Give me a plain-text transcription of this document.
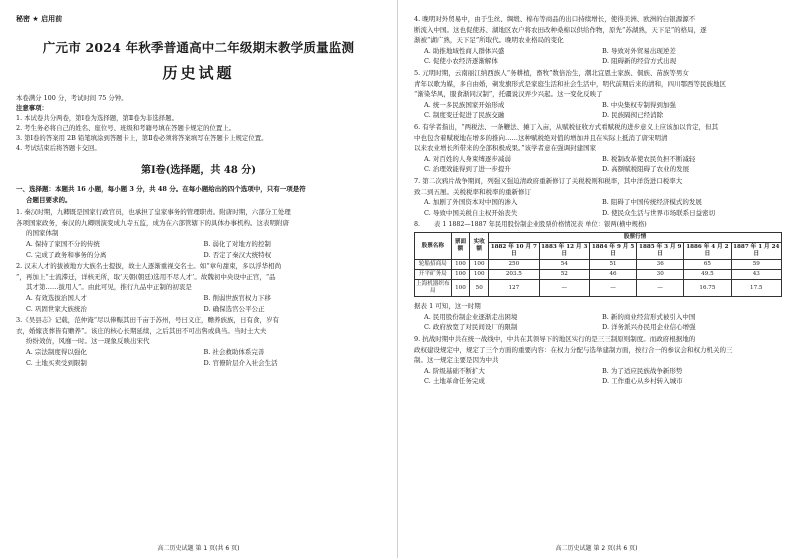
秘密 ★ 启用前
广元市 2024 年秋季普通高中二年级期末教学质量监测
历史试题
本卷满分 100 分，考试时间 75 分钟。
注意事项：
1. 本试卷共分两卷，第Ⅰ卷为选择题，第Ⅱ卷为非选择题。
2. 考生务必将自己的姓名、座位号、班级和考籍号填在答题卡规定的位置上。
3. 第Ⅰ卷的答案用 2B 铅笔填涂到答题卡上，第Ⅱ卷必须将答案填写在答题卡上规定位置。
4. 考试结束后将答题卡交回。
第Ⅰ卷(选择题，共 48 分)
一、选择题：本题共 16 小题，每小题 3 分，共 48 分。在每小题给出的四个选项中，只有一项是符
合题目要求的。
1. 秦汉时期，九卿既是国家行政官员，也承担了皇家事务的管理职责。附唐时期，六部分工处理
各项国家政务，秦汉的九卿则演变成九寺五监，成为在六部管辖下的具体办事机构。这表明附唐
的国家体制
A. 保持了家国不分的传统	B. 弱化了对地方的控制
C. 完成了政务和事务的分离	D. 否定了秦汉大统特权
2. 汉末人才的拔被地方大族名士提拔，故士人逐渐重视交名士。如“章句甜束，多以浮华相尚
”，再加上“士流滞迁，详核无所，取‘天朝(朝廷)选用不尽人才’。故魏初中央设中正官，“品
其才第……拔用人”。由此可见，推行九品中正制的初衷是
A. 有效选拔治国人才	B. 削弱世族官权力下移
C. 巩固世家大族统治	D. 确保选官公平公正
3.《吴县志》记载，范仲淹“尽以俸赈其田千亩于苏州，号曰义庄，赡养族族，日有食，岁有
衣，婚嫁丧葬皆有赡养”。该庄的核心长期延续，之后其田不可出售或典当。当时士大夫
纷纷效仿，风靡一时。这一现象反映出宋代
A. 宗法制度得以强化	B. 社会救助体系完善
C. 土地买卖受到限制	D. 官僚阶层介入社会生活
高二历史试题 第 1 页(共 6 页)
4. 晚明对外贸易中，由于生丝、绸缎、棉布等商品的出口持续增长，使得美洲、欧洲的白银源源不
断流入中国。这也促使苏、湖地区农户将农田改种桑棉以供给作物，原先“苏湖熟，天下足”的格局，逐
渐被“湖广熟，天下足”所取代。晚明农业格局的变化
A. 助推地域性商人群体兴盛	B. 导致对外贸易出现逆差
C. 促使小农经济逐渐解体	D. 阻碍新的经营方式出现
5. 元明时期，云南丽江纳西族人“务耕植，畜牧”数倍治生，潮北宜恩土家族、侗族、苗族等男女
青年以歌为媒，多自由婚，剃发旗形式是家庭生活和社会生活中，明代前期后来的清和，四川鄂西等民族地区
“渐染华风，服食渐同汉制”，托疆说汉弄少兴起。这一变化反映了
A. 统一多民族国家开始形成	B. 中央集权专制得到加强
C. 制度变迁促进了民族交融	D. 民族隔阂已经消除
6. 有学者指出，“两税法、一条鞭法、摊丁入亩，从赋税征收方式看赋税的进步意义上应该加以肯定，但其
中也包含着赋税地在增多的推向……这种赋税绝对值的增加并且在实际上抵消了唐宋明清
以来农业增长所带来的全部积极成果。”该学者意在强调封建国家
A. 对百姓的人身束缚逐步减弱	B. 税制改革使农民负担不断减轻
C. 治理效能得到了进一步提升	D. 高额赋税阻碍了农业的发展
7. 第二次鸦片战争期间，列强又强迫清政府重新修订了关税税则和税率，其中洋货进口税率大
致二到五厘。关税税率和税率的重新修订
A. 加剧了外国资本对中国的渗入	B. 阻碍了中国传统经济模式的发展
C. 导致中国关税自主权开始丧失	D. 使民众生活与世界市场联系日益密切
8. 表 1 1882—1887 年民用股份制企业股票价格情况表 单位：银两(横中规格)
股票名称	票面额	实收额	股票行情					
			1882 年 10 月 7 日	1883 年 12 月 3 日	1884 年 9 月 5 日	1885 年 3 月 9 日	1886 年 4 月 2 日	1887 年 1 月 24 日
轮船招商局	100	100	250	54	51	36	65	59
开平矿务局	100	100	203.5	52	46	30	49.5	43
上海机器织布局	100	50	127	—	—	—	16.75	17.5
据表 1 可知，这一时期
A. 民用股份制企业逐渐走出困境	B. 新的商业经营形式被引入中国
C. 政府放宽了对民间设厂的限制	D. 洋务派兴办民用企业信心增强
9. 抗战时期中共在统一战线中，中共在其领导下的地区实行的是三三制原则制度。而政府根据地的
政权建设规定中，规定了三个方面的重要内容：在权力分配与选举建制方面，按行合一的参议会和权力机关的三
制。这一规定主要是因为中共
A. 阶级基础不断扩大	B. 为了适应民族战争新形势
C. 土地革命任务完成	D. 工作重心从乡村转入城市
高二历史试题 第 2 页(共 6 页)
